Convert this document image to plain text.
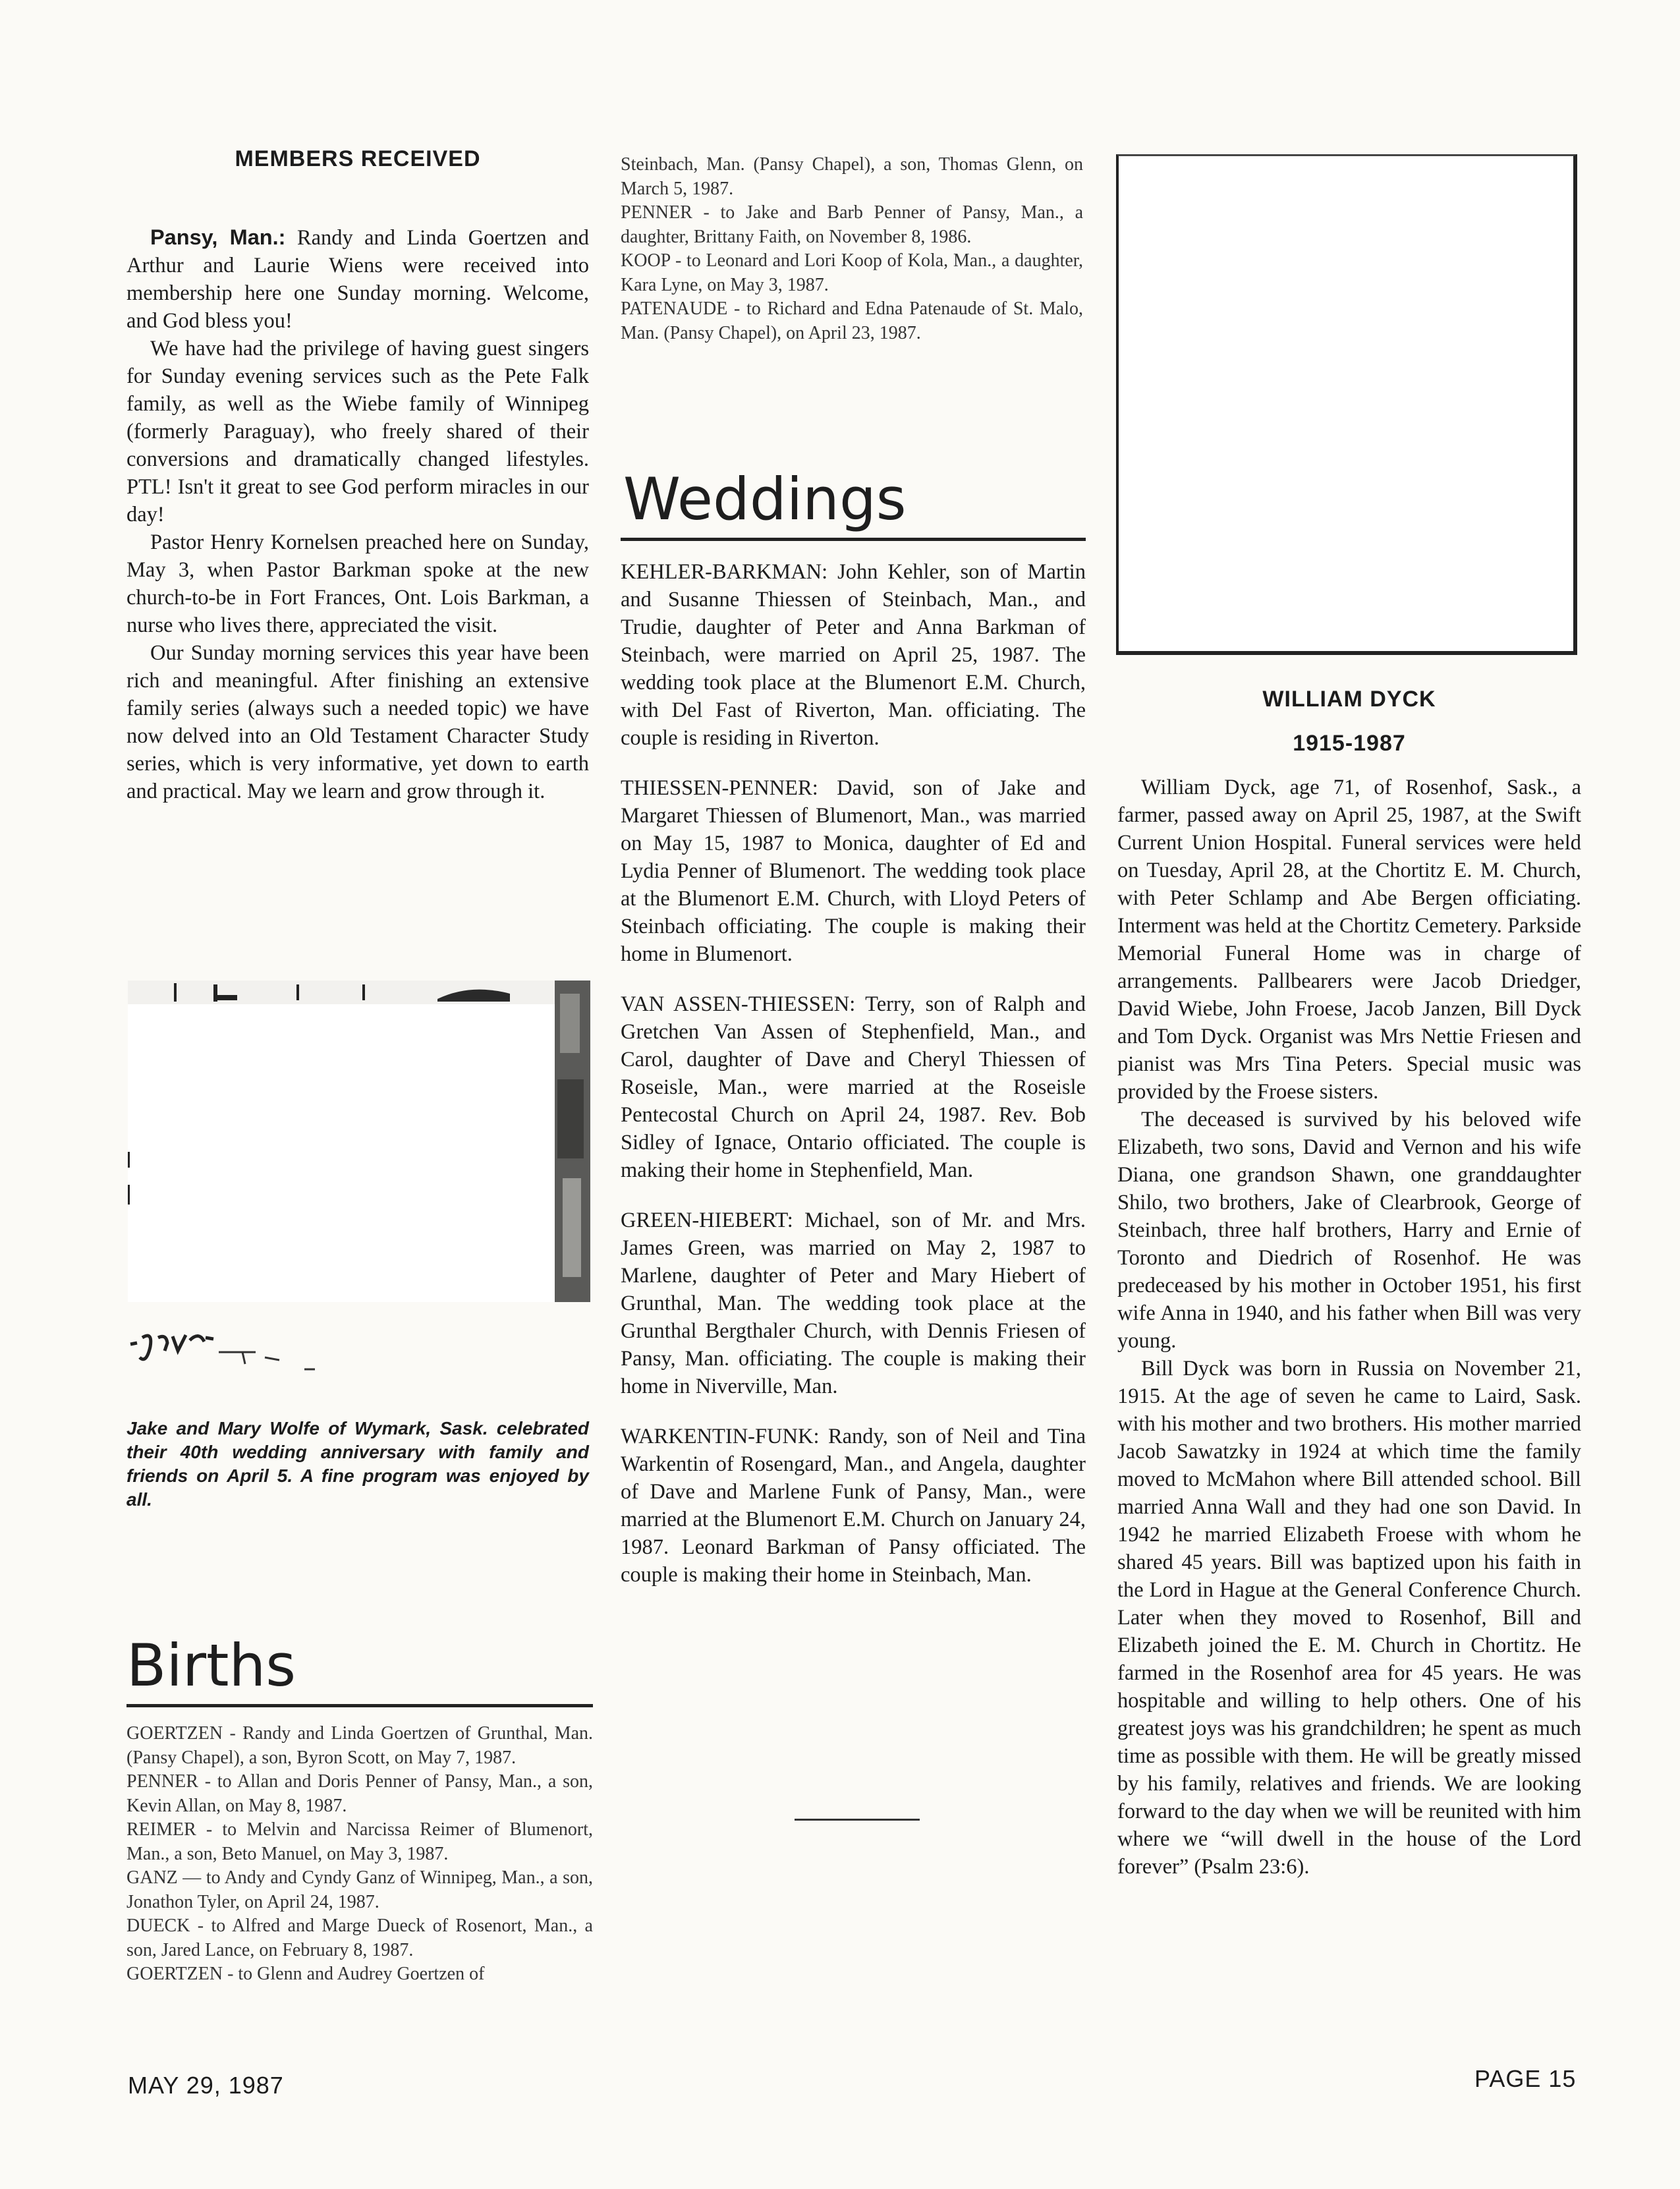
MEMBERS RECEIVED

Pansy, Man.: Randy and Linda Goertzen and Arthur and Laurie Wiens were received into membership here one Sunday morning. Welcome, and God bless you!

We have had the privilege of having guest singers for Sunday evening services such as the Pete Falk family, as well as the Wiebe family of Winnipeg (formerly Paraguay), who freely shared of their conversions and dramatically changed lifestyles. PTL! Isn't it great to see God perform miracles in our day!

Pastor Henry Kornelsen preached here on Sunday, May 3, when Pastor Barkman spoke at the new church-to-be in Fort Frances, Ont. Lois Barkman, a nurse who lives there, appreciated the visit.

Our Sunday morning services this year have been rich and meaningful. After finishing an extensive family series (always such a needed topic) we have now delved into an Old Testament Character Study series, which is very informative, yet down to earth and practical. May we learn and grow through it.

Jake and Mary Wolfe of Wymark, Sask. celebrated their 40th wedding anniversary with family and friends on April 5. A fine program was enjoyed by all.

Births

GOERTZEN - Randy and Linda Goertzen of Grunthal, Man. (Pansy Chapel), a son, Byron Scott, on May 7, 1987.

PENNER - to Allan and Doris Penner of Pansy, Man., a son, Kevin Allan, on May 8, 1987.

REIMER - to Melvin and Narcissa Reimer of Blumenort, Man., a son, Beto Manuel, on May 3, 1987.

GANZ — to Andy and Cyndy Ganz of Winnipeg, Man., a son, Jonathon Tyler, on April 24, 1987.

DUECK - to Alfred and Marge Dueck of Rosenort, Man., a son, Jared Lance, on February 8, 1987.

GOERTZEN - to Glenn and Audrey Goertzen of

Steinbach, Man. (Pansy Chapel), a son, Thomas Glenn, on March 5, 1987.

PENNER - to Jake and Barb Penner of Pansy, Man., a daughter, Brittany Faith, on November 8, 1986.

KOOP - to Leonard and Lori Koop of Kola, Man., a daughter, Kara Lyne, on May 3, 1987.

PATENAUDE - to Richard and Edna Patenaude of St. Malo, Man. (Pansy Chapel), on April 23, 1987.

Weddings

KEHLER-BARKMAN: John Kehler, son of Martin and Susanne Thiessen of Steinbach, Man., and Trudie, daughter of Peter and Anna Barkman of Steinbach, were married on April 25, 1987. The wedding took place at the Blumenort E.M. Church, with Del Fast of Riverton, Man. officiating. The couple is residing in Riverton.

THIESSEN-PENNER: David, son of Jake and Margaret Thiessen of Blumenort, Man., was married on May 15, 1987 to Monica, daughter of Ed and Lydia Penner of Blumenort. The wedding took place at the Blumenort E.M. Church, with Lloyd Peters of Steinbach officiating. The couple is making their home in Blumenort.

VAN ASSEN-THIESSEN: Terry, son of Ralph and Gretchen Van Assen of Stephenfield, Man., and Carol, daughter of Dave and Cheryl Thiessen of Roseisle, Man., were married at the Roseisle Pentecostal Church on April 24, 1987. Rev. Bob Sidley of Ignace, Ontario officiated. The couple is making their home in Stephenfield, Man.

GREEN-HIEBERT: Michael, son of Mr. and Mrs. James Green, was married on May 2, 1987 to Marlene, daughter of Peter and Mary Hiebert of Grunthal, Man. The wedding took place at the Grunthal Bergthaler Church, with Dennis Friesen of Pansy, Man. officiating. The couple is making their home in Niverville, Man.

WARKENTIN-FUNK: Randy, son of Neil and Tina Warkentin of Rosengard, Man., and Angela, daughter of Dave and Marlene Funk of Pansy, Man., were married at the Blumenort E.M. Church on January 24, 1987. Leonard Barkman of Pansy officiated. The couple is making their home in Steinbach, Man.

WILLIAM DYCK

1915-1987

William Dyck, age 71, of Rosenhof, Sask., a farmer, passed away on April 25, 1987, at the Swift Current Union Hospital. Funeral services were held on Tuesday, April 28, at the Chortitz E. M. Church, with Peter Schlamp and Abe Bergen officiating. Interment was held at the Chortitz Cemetery. Parkside Memorial Funeral Home was in charge of arrangements. Pallbearers were Jacob Driedger, David Wiebe, John Froese, Jacob Janzen, Bill Dyck and Tom Dyck. Organist was Mrs Nettie Friesen and pianist was Mrs Tina Peters. Special music was provided by the Froese sisters.

The deceased is survived by his beloved wife Elizabeth, two sons, David and Vernon and his wife Diana, one grandson Shawn, one granddaughter Shilo, two brothers, Jake of Clearbrook, George of Steinbach, three half brothers, Harry and Ernie of Toronto and Diedrich of Rosenhof. He was predeceased by his mother in October 1951, his first wife Anna in 1940, and his father when Bill was very young.

Bill Dyck was born in Russia on November 21, 1915. At the age of seven he came to Laird, Sask. with his mother and two brothers. His mother married Jacob Sawatzky in 1924 at which time the family moved to McMahon where Bill attended school. Bill married Anna Wall and they had one son David. In 1942 he married Elizabeth Froese with whom he shared 45 years. Bill was baptized upon his faith in the Lord in Hague at the General Conference Church. Later when they moved to Rosenhof, Bill and Elizabeth joined the E. M. Church in Chortitz. He farmed in the Rosenhof area for 45 years. He was hospitable and willing to help others. One of his greatest joys was his grandchildren; he spent as much time as possible with them. He will be greatly missed by his family, relatives and friends. We are looking forward to the day when we will be reunited with him where we “will dwell in the house of the Lord forever” (Psalm 23:6).

MAY 29, 1987	PAGE 15
